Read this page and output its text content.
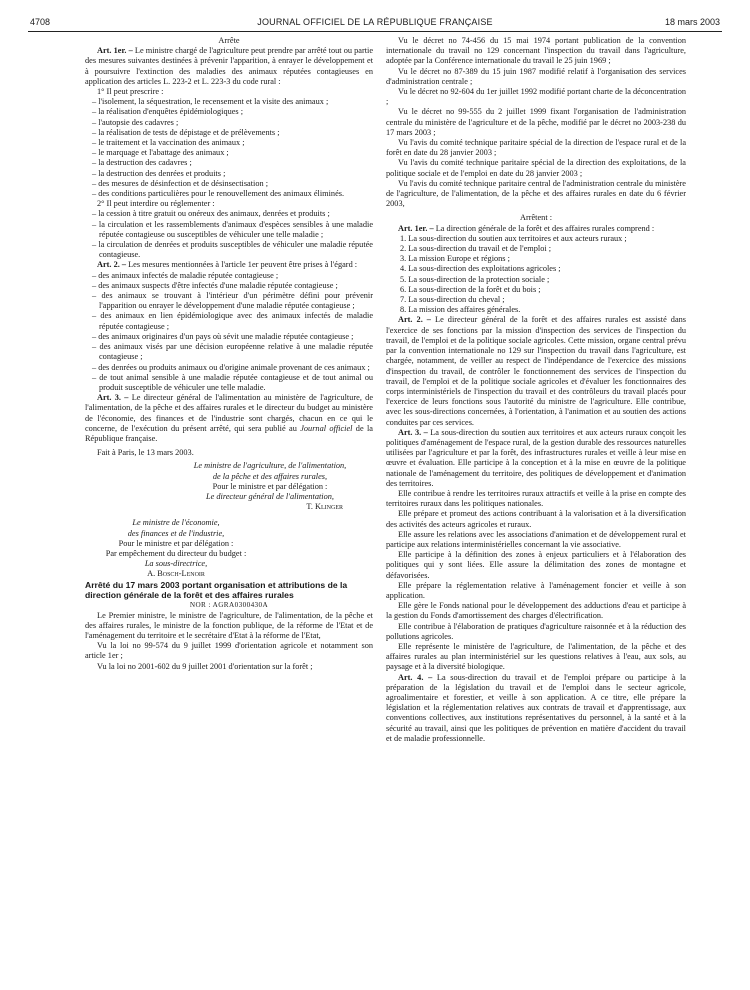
4708	JOURNAL OFFICIEL DE LA RÉPUBLIQUE FRANÇAISE	18 mars 2003

Arrête

Art. 1er. – Le ministre chargé de l'agriculture peut prendre par arrêté tout ou partie des mesures suivantes destinées à prévenir l'apparition, à enrayer le développement et à poursuivre l'extinction des maladies des animaux réputées contagieuses en application des articles L. 223-2 et L. 223-3 du code rural :

1° Il peut prescrire :

– l'isolement, la séquestration, le recensement et la visite des animaux ;

– la réalisation d'enquêtes épidémiologiques ;

– l'autopsie des cadavres ;

– la réalisation de tests de dépistage et de prélèvements ;

– le traitement et la vaccination des animaux ;

– le marquage et l'abattage des animaux ;

– la destruction des cadavres ;

– la destruction des denrées et produits ;

– des mesures de désinfection et de désinsectisation ;

– des conditions particulières pour le renouvellement des animaux éliminés.

2° Il peut interdire ou réglementer :

– la cession à titre gratuit ou onéreux des animaux, denrées et produits ;

– la circulation et les rassemblements d'animaux d'espèces sensibles à une maladie réputée contagieuse ou susceptibles de véhiculer une telle maladie ;

– la circulation de denrées et produits susceptibles de véhiculer une maladie réputée contagieuse.

Art. 2. – Les mesures mentionnées à l'article 1er peuvent être prises à l'égard :

– des animaux infectés de maladie réputée contagieuse ;

– des animaux suspects d'être infectés d'une maladie réputée contagieuse ;

– des animaux se trouvant à l'intérieur d'un périmètre défini pour prévenir l'apparition ou enrayer le développement d'une maladie réputée contagieuse ;

– des animaux en lien épidémiologique avec des animaux infectés de maladie réputée contagieuse ;

– des animaux originaires d'un pays où sévit une maladie réputée contagieuse ;

– des animaux visés par une décision européenne relative à une maladie réputée contagieuse ;

– des denrées ou produits animaux ou d'origine animale provenant de ces animaux ;

– de tout animal sensible à une maladie réputée contagieuse et de tout animal ou produit susceptible de véhiculer une telle maladie.

Art. 3. – Le directeur général de l'alimentation au ministère de l'agriculture, de l'alimentation, de la pêche et des affaires rurales et le directeur du budget au ministère de l'économie, des finances et de l'industrie sont chargés, chacun en ce qui le concerne, de l'exécution du présent arrêté, qui sera publié au Journal officiel de la République française.

Fait à Paris, le 13 mars 2003.

Le ministre de l'agriculture, de l'alimentation,

de la pêche et des affaires rurales,

Pour le ministre et par délégation :

Le directeur général de l'alimentation,

T. Klinger

Le ministre de l'économie,

des finances et de l'industrie,

Pour le ministre et par délégation :

Par empêchement du directeur du budget :

La sous-directrice,

A. Bosch-Lenoir

Arrêté du 17 mars 2003 portant organisation et attributions de la direction générale de la forêt et des affaires rurales

NOR : AGRA0300430A

Le Premier ministre, le ministre de l'agriculture, de l'alimentation, de la pêche et des affaires rurales, le ministre de la fonction publique, de la réforme de l'Etat et de l'aménagement du territoire et le secrétaire d'Etat à la réforme de l'Etat,

Vu la loi no 99-574 du 9 juillet 1999 d'orientation agricole et notamment son article 1er ;

Vu la loi no 2001-602 du 9 juillet 2001 d'orientation sur la forêt ;

Vu le décret no 74-456 du 15 mai 1974 portant publication de la convention internationale du travail no 129 concernant l'inspection du travail dans l'agriculture, adoptée par la Conférence internationale du travail le 25 juin 1969 ;

Vu le décret no 87-389 du 15 juin 1987 modifié relatif à l'organisation des services d'administration centrale ;

Vu le décret no 92-604 du 1er juillet 1992 modifié portant charte de la déconcentration ;

Vu le décret no 99-555 du 2 juillet 1999 fixant l'organisation de l'administration centrale du ministère de l'agriculture et de la pêche, modifié par le décret no 2003-238 du 17 mars 2003 ;

Vu l'avis du comité technique paritaire spécial de la direction de l'espace rural et de la forêt en date du 28 janvier 2003 ;

Vu l'avis du comité technique paritaire spécial de la direction des exploitations, de la politique sociale et de l'emploi en date du 28 janvier 2003 ;

Vu l'avis du comité technique paritaire central de l'administration centrale du ministère de l'agriculture, de l'alimentation, de la pêche et des affaires rurales en date du 6 février 2003,

Arrêtent :

Art. 1er. – La direction générale de la forêt et des affaires rurales comprend :

1. La sous-direction du soutien aux territoires et aux acteurs ruraux ;

2. La sous-direction du travail et de l'emploi ;

3. La mission Europe et régions ;

4. La sous-direction des exploitations agricoles ;

5. La sous-direction de la protection sociale ;

6. La sous-direction de la forêt et du bois ;

7. La sous-direction du cheval ;

8. La mission des affaires générales.

Art. 2. – Le directeur général de la forêt et des affaires rurales est assisté dans l'exercice de ses fonctions par la mission d'inspection des services de l'inspection du travail, de l'emploi et de la politique sociale agricoles. Cette mission, organe central prévu par la convention internationale no 129 sur l'inspection du travail dans l'agriculture, est chargée, notamment, de veiller au respect de l'indépendance de l'exercice des missions d'inspection du travail, de contrôler le fonctionnement des services de l'inspection du travail, de l'emploi et de la politique sociale agricoles et d'évaluer les fonctionnaires des corps interministériels de l'inspection du travail et des contrôleurs du travail placés pour l'exercice de leurs fonctions sous l'autorité du ministre de l'agriculture. Elle contribue, avec les sous-directions concernées, à l'orientation, à l'animation et au soutien des actions conduites par ces services.

Art. 3. – La sous-direction du soutien aux territoires et aux acteurs ruraux conçoit les politiques d'aménagement de l'espace rural, de la gestion durable des ressources naturelles utilisées par l'agriculture et par la forêt, des infrastructures rurales et veille à leur mise en œuvre et évaluation. Elle participe à la conception et à la mise en œuvre de la politique nationale de l'aménagement du territoire, des politiques de développement et d'animation des territoires.

Elle contribue à rendre les territoires ruraux attractifs et veille à la prise en compte des territoires ruraux dans les politiques nationales.

Elle prépare et promeut des actions contribuant à la valorisation et à la diversification des activités des acteurs agricoles et ruraux.

Elle assure les relations avec les associations d'animation et de développement rural et participe aux relations interministérielles concernant la vie associative.

Elle participe à la définition des zones à enjeux particuliers et à l'élaboration des politiques qui y sont liées. Elle assure la délimitation des zones de montagne et défavorisées.

Elle prépare la réglementation relative à l'aménagement foncier et veille à son application.

Elle gère le Fonds national pour le développement des adductions d'eau et participe à la gestion du Fonds d'amortissement des charges d'électrification.

Elle contribue à l'élaboration de pratiques d'agriculture raisonnée et à la réduction des pollutions agricoles.

Elle représente le ministère de l'agriculture, de l'alimentation, de la pêche et des affaires rurales au plan interministériel sur les questions relatives à l'eau, aux sols, au paysage et à la diversité biologique.

Art. 4. – La sous-direction du travail et de l'emploi prépare ou participe à la préparation de la législation du travail et de l'emploi dans le secteur agricole, agroalimentaire et forestier, et veille à son application. A ce titre, elle prépare la législation et la réglementation relatives aux contrats de travail et d'apprentissage, aux conventions collectives, aux institutions représentatives du personnel, à la santé et à la sécurité au travail, ainsi que les politiques de prévention en matière d'accident du travail et de maladie professionnelle.
